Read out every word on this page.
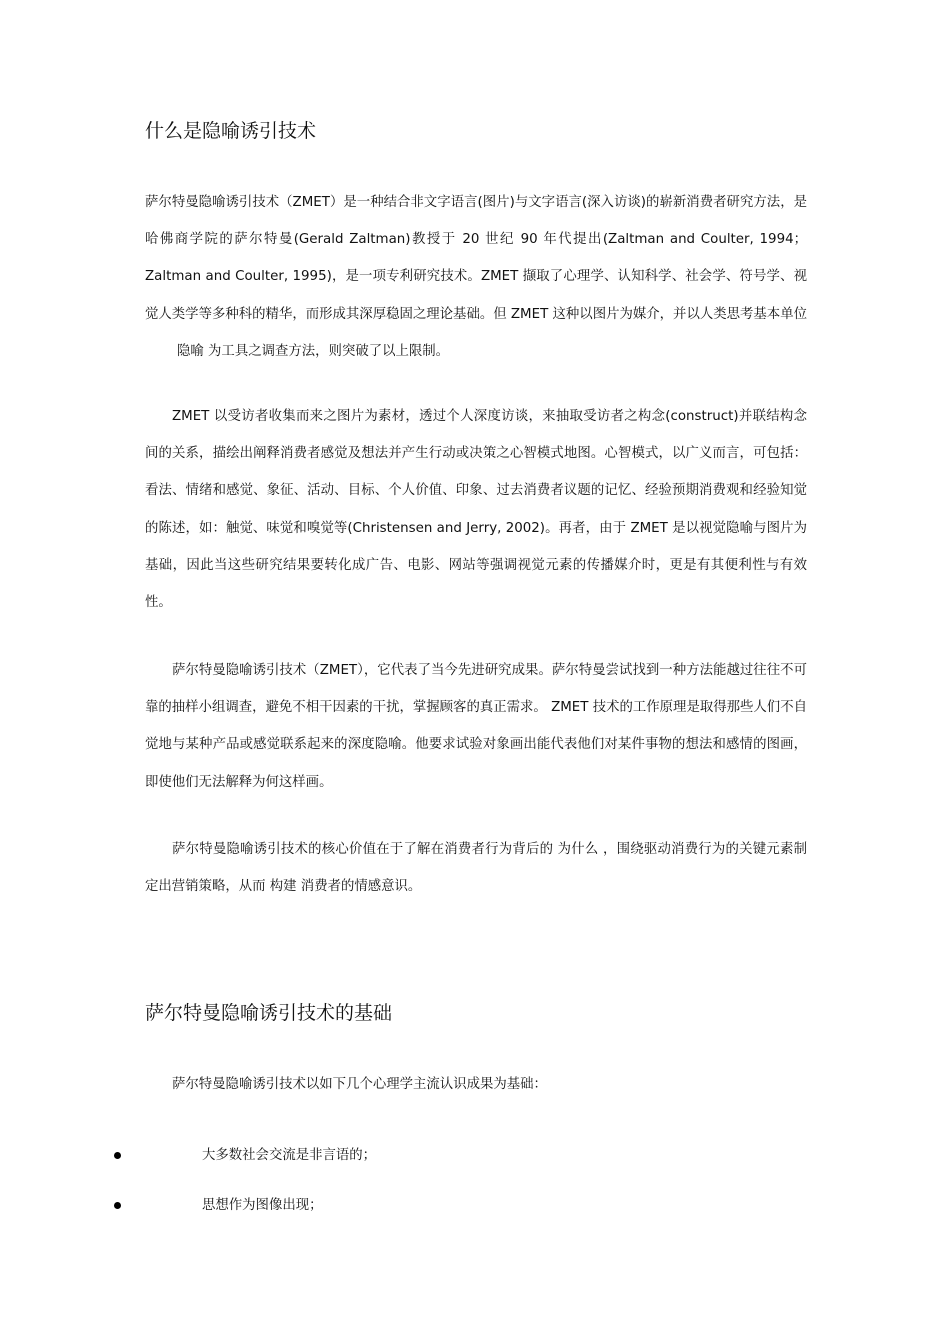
什么是隐喻诱引技术

萨尔特曼隐喻诱引技术（ZMET）是一种结合非文字语言(图片)与文字语言(深入访谈)的崭新消费者研究方法，是哈佛商学院的萨尔特曼(Gerald Zaltman)教授于 20 世纪 90 年代提出(Zaltman and Coulter, 1994；Zaltman and Coulter, 1995)，是一项专利研究技术。ZMET 撷取了心理学、认知科学、社会学、符号学、视觉人类学等多种科的精华，而形成其深厚稳固之理论基础。但 ZMET 这种以图片为媒介，并以人类思考基本单位隐喻 为工具之调查方法，则突破了以上限制。

ZMET 以受访者收集而来之图片为素材，透过个人深度访谈，来抽取受访者之构念(construct)并联结构念间的关系，描绘出阐释消费者感觉及想法并产生行动或决策之心智模式地图。心智模式，以广义而言，可包括：看法、情绪和感觉、象征、活动、目标、个人价值、印象、过去消费者议题的记忆、经验预期消费观和经验知觉的陈述，如：触觉、味觉和嗅觉等(Christensen and Jerry, 2002)。再者，由于 ZMET 是以视觉隐喻与图片为基础，因此当这些研究结果要转化成广告、电影、网站等强调视觉元素的传播媒介时，更是有其便利性与有效性。

萨尔特曼隐喻诱引技术（ZMET），它代表了当今先进研究成果。萨尔特曼尝试找到一种方法能越过往往不可靠的抽样小组调查，避免不相干因素的干扰，掌握顾客的真正需求。 ZMET 技术的工作原理是取得那些人们不自觉地与某种产品或感觉联系起来的深度隐喻。他要求试验对象画出能代表他们对某件事物的想法和感情的图画，即使他们无法解释为何这样画。

萨尔特曼隐喻诱引技术的核心价值在于了解在消费者行为背后的 为什么 ，围绕驱动消费行为的关键元素制定出营销策略，从而 构建 消费者的情感意识。

萨尔特曼隐喻诱引技术的基础

萨尔特曼隐喻诱引技术以如下几个心理学主流认识成果为基础：

大多数社会交流是非言语的；
思想作为图像出现；
